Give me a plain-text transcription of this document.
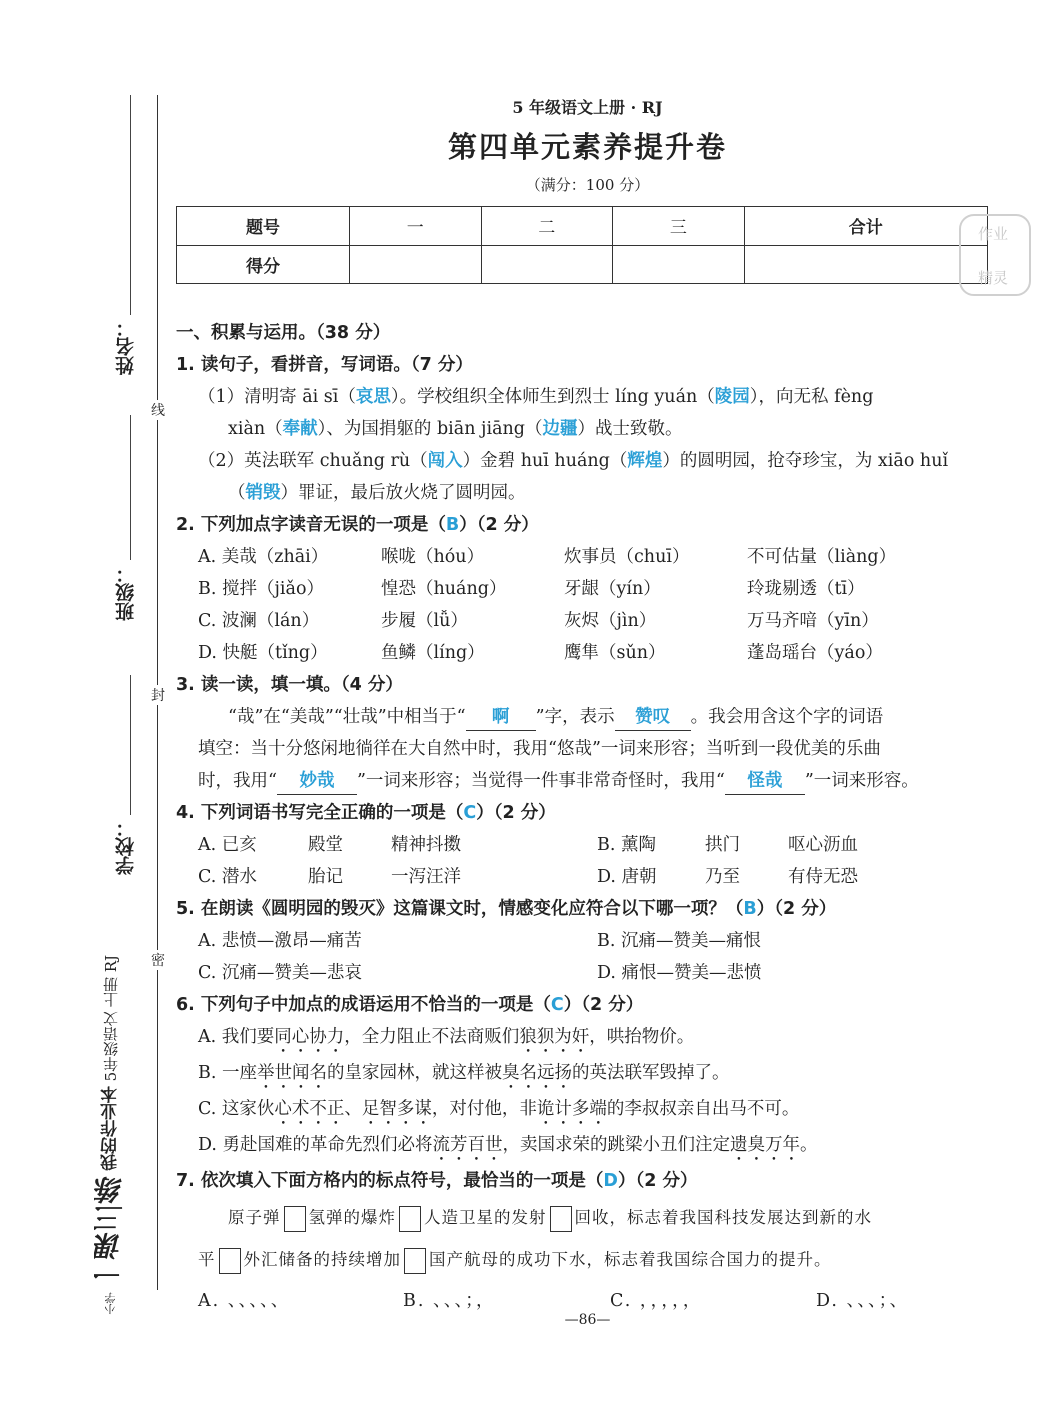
姓名：
线
班级：
封
学校：
密
小学 一课三练 我的作业本 5年级语文 上册 RJ
5 年级语文上册 · RJ
第四单元素养提升卷
（满分：100 分）
题号	一	二	三	合计
得分				
作业
精灵
一、积累与运用。（38 分）
1. 读句子，看拼音，写词语。（7 分）
（1）清明寄 āi sī（哀思）。学校组织全体师生到烈士 líng yuán（陵园），向无私 fèng
xiàn（奉献）、为国捐躯的 biān jiāng（边疆）战士致敬。
（2）英法联军 chuǎng rù（闯入）金碧 huī huáng（辉煌）的圆明园，抢夺珍宝，为 xiāo huǐ
（销毁）罪证，最后放火烧了圆明园。
2. 下列加点字读音无误的一项是（B）（2 分）
A. 美哉（zhāi）	喉咙（hóu）	炊事员（chuī）	不可估量（liàng）
B. 搅拌（jiǎo）	惶恐（huáng）	牙龈（yín）	玲珑剔透（tī）
C. 波澜（lán）	步履（lǚ）	灰烬（jìn）	万马齐喑（yīn）
D. 快艇（tǐng）	鱼鳞（líng）	鹰隼（sǔn）	蓬岛瑶台（yáo）
3. 读一读，填一填。（4 分）
“哉”在“美哉”“壮哉”中相当于“ 啊 ”字，表示 赞叹 。我会用含这个字的词语
填空：当十分悠闲地徜徉在大自然中时，我用“悠哉”一词来形容；当听到一段优美的乐曲
时，我用“ 妙哉 ”一词来形容；当觉得一件事非常奇怪时，我用“ 怪哉 ”一词来形容。
4. 下列词语书写完全正确的一项是（C）（2 分）
A. 已亥	殿堂	精神抖擞	B. 薰陶	拱门	呕心沥血
C. 潜水	胎记	一泻汪洋	D. 唐朝	乃至	有侍无恐
5. 在朗读《圆明园的毁灭》这篇课文时，情感变化应符合以下哪一项？（B）（2 分）
A. 悲愤—激昂—痛苦	B. 沉痛—赞美—痛恨
C. 沉痛—赞美—悲哀	D. 痛恨—赞美—悲愤
6. 下列句子中加点的成语运用不恰当的一项是（C）（2 分）
A. 我们要同心协力，全力阻止不法商贩们狼狈为奸，哄抬物价。
B. 一座举世闻名的皇家园林，就这样被臭名远扬的英法联军毁掉了。
C. 这家伙心术不正、足智多谋，对付他，非诡计多端的李叔叔亲自出马不可。
D. 勇赴国难的革命先烈们必将流芳百世，卖国求荣的跳梁小丑们注定遗臭万年。
7. 依次填入下面方格内的标点符号，最恰当的一项是（D）（2 分）
原子弹 氢弹的爆炸 人造卫星的发射 回收，标志着我国科技发展达到新的水
平 外汇储备的持续增加 国产航母的成功下水，标志着我国综合国力的提升。
A. 、、、、、	B. 、、、；，	C. ，，，，，	D. 、、、；、
—86—
